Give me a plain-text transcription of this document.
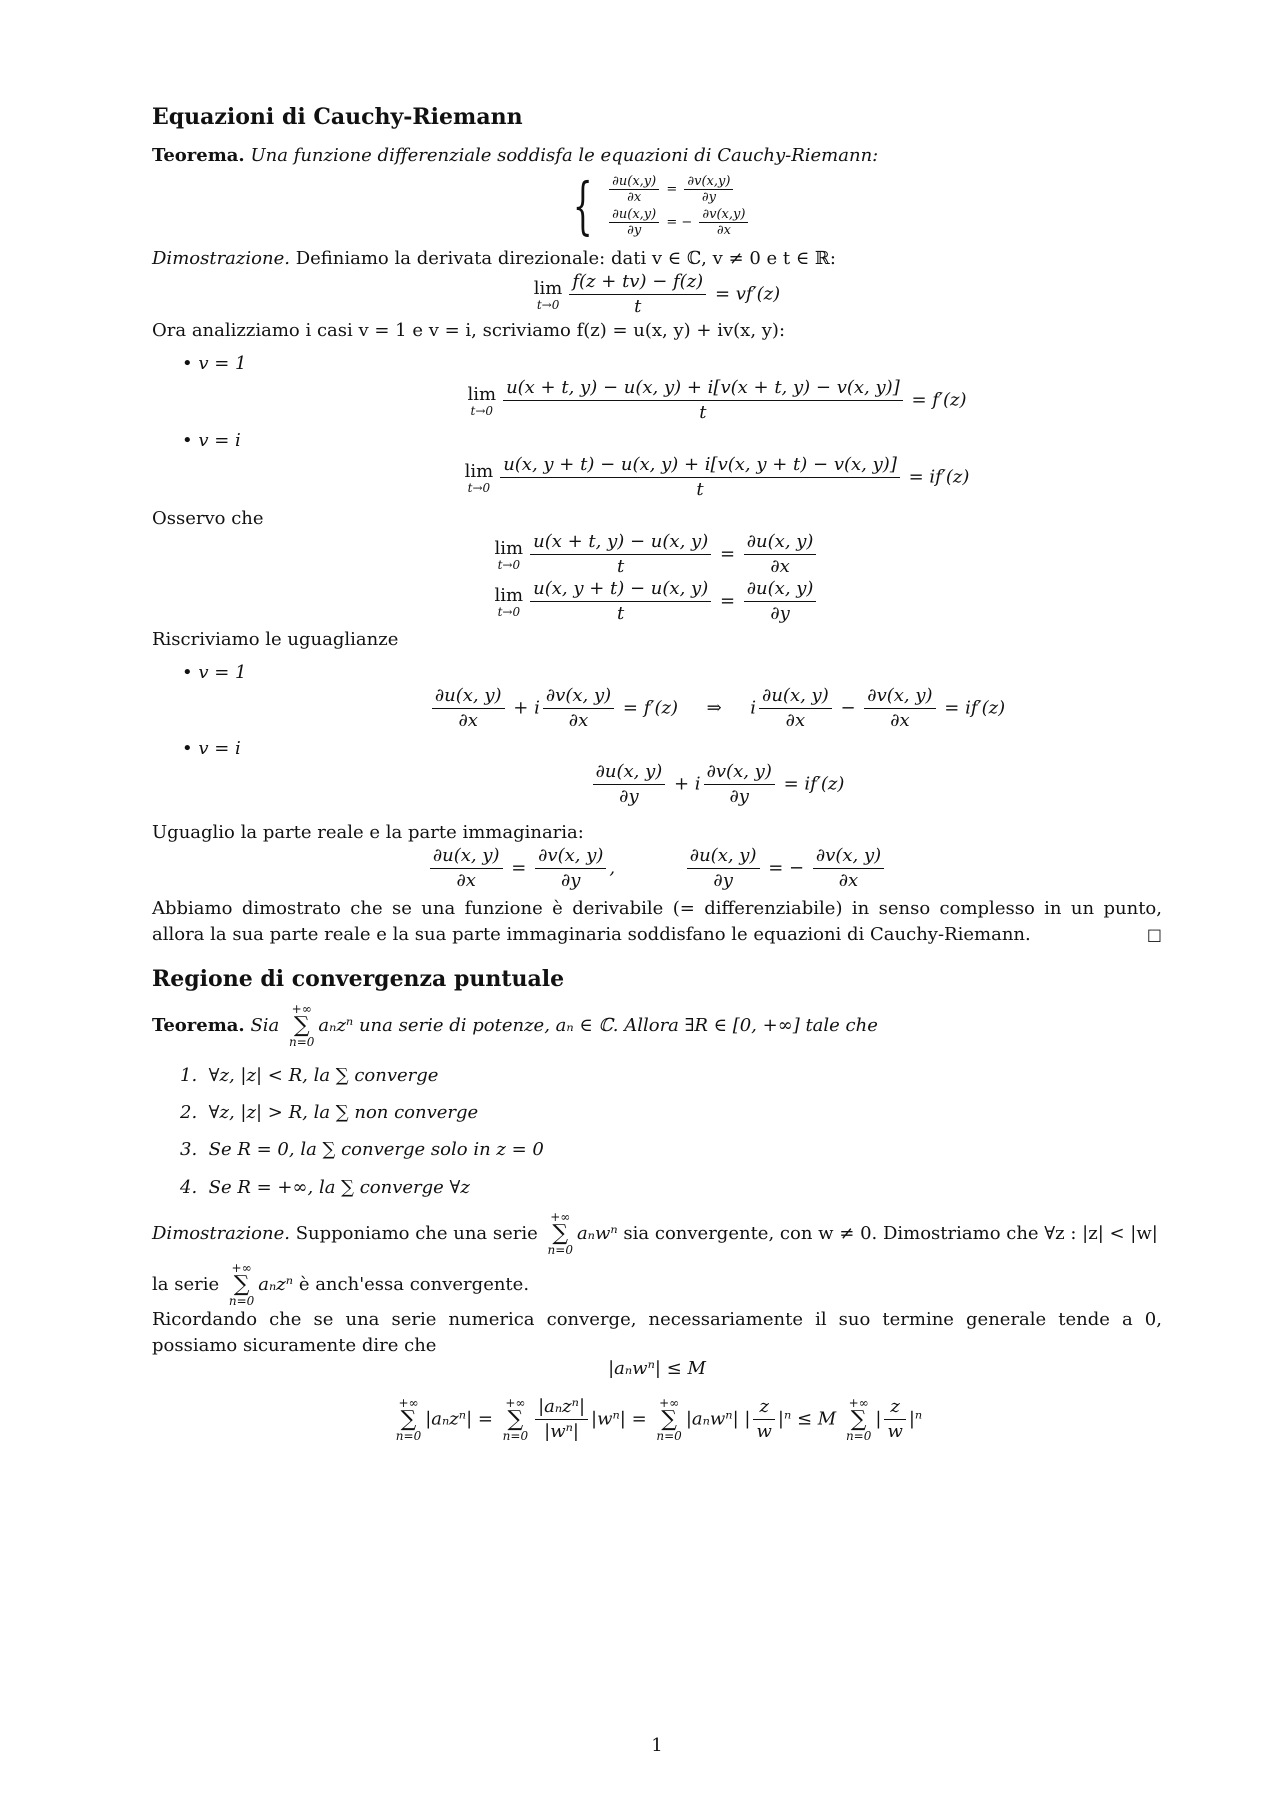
Equazioni di Cauchy-Riemann
Teorema. Una funzione differenziale soddisfa le equazioni di Cauchy-Riemann:
{ $\frac{\partial u(x,y)}{\partial x} = \frac{\partial v(x,y)}{\partial y}$
$\frac{\partial u(x,y)}{\partial y}$ = − $\frac{\partial v(x,y)}{\partial x}$
Dimostrazione. Definiamo la derivata direzionale: dati v ∈ ℂ, v ≠ 0 e t ∈ ℝ:
lim
$t\to 0 \frac{f(z + tv) - f(z)}{t} = vf'(z)$
Ora analizziamo i casi v = 1 e v = i, scriviamo f(z) = u(x, y) + iv(x, y):
• v = 1
lim
$t\to 0 \frac{u(x + t, y) - u(x, y) + i[v(x + t, y) - v(x, y)]}{t} = f'(z)$
• v = i
lim
$t\to 0 \frac{u(x, y + t) - u(x, y) + i[v(x, y + t) - v(x, y)]}{t} = if'(z)$
Osservo che
lim
$t\to 0 \frac{u(x + t, y) - u(x, y)}{t} = \frac{\partial u(x, y)}{\partial x}$
lim
$t\to 0 \frac{u(x, y + t) - u(x, y)}{t} = \frac{\partial u(x, y)}{\partial y}$
Riscriviamo le uguaglianze
• v = 1
$\frac{\partial u(x, y)}{\partial x} + i \frac{\partial v(x, y)}{\partial x} = f'(z)$     ⇒     i $\frac{\partial u(x, y)}{\partial x} - \frac{\partial v(x, y)}{\partial x} = if'(z)$
• v = i
$\frac{\partial u(x, y)}{\partial y} + i \frac{\partial v(x, y)}{\partial y} = if'(z)$
Uguaglio la parte reale e la parte immaginaria:
$\frac{\partial u(x, y)}{\partial x} = \frac{\partial v(x, y)}{\partial y}$ , $\frac{\partial u(x, y)}{\partial y}$ = − $\frac{\partial v(x, y)}{\partial x}$
Abbiamo dimostrato che se una funzione è derivabile (= differenziabile) in senso complesso in un punto, allora la sua parte reale e la sua parte immaginaria soddisfano le equazioni di Cauchy-Riemann.	□
Regione di convergenza puntuale
Teorema. Sia
+∞
∑
n=0
aₙzⁿ una serie di potenze, aₙ ∈ ℂ. Allora ∃R ∈ [0, +∞] tale che
1. ∀z, |z| < R, la ∑ converge
2. ∀z, |z| > R, la ∑ non converge
3. Se R = 0, la ∑ converge solo in z = 0
4. Se R = +∞, la ∑ converge ∀z
Dimostrazione. Supponiamo che una serie
+∞
∑
n=0
aₙwⁿ sia convergente, con w ≠ 0. Dimostriamo che ∀z : |z| < |w|
la serie
+∞
∑
n=0
aₙzⁿ è anch'essa convergente.
Ricordando che se una serie numerica converge, necessariamente il suo termine generale tende a 0, possiamo sicuramente dire che
|aₙwⁿ| ≤ M
+∞
∑
n=0
|aₙzⁿ| =
+∞
∑
$n=0 \frac{\text{|aₙzⁿ|}}{\text{|wⁿ|}} |w^n|$ =
+∞
∑
n=0
|aₙwⁿ| | $\frac{z}{w} |^n \le M$
+∞
∑
n=0
| $\frac{z}{w} |^n$
1
